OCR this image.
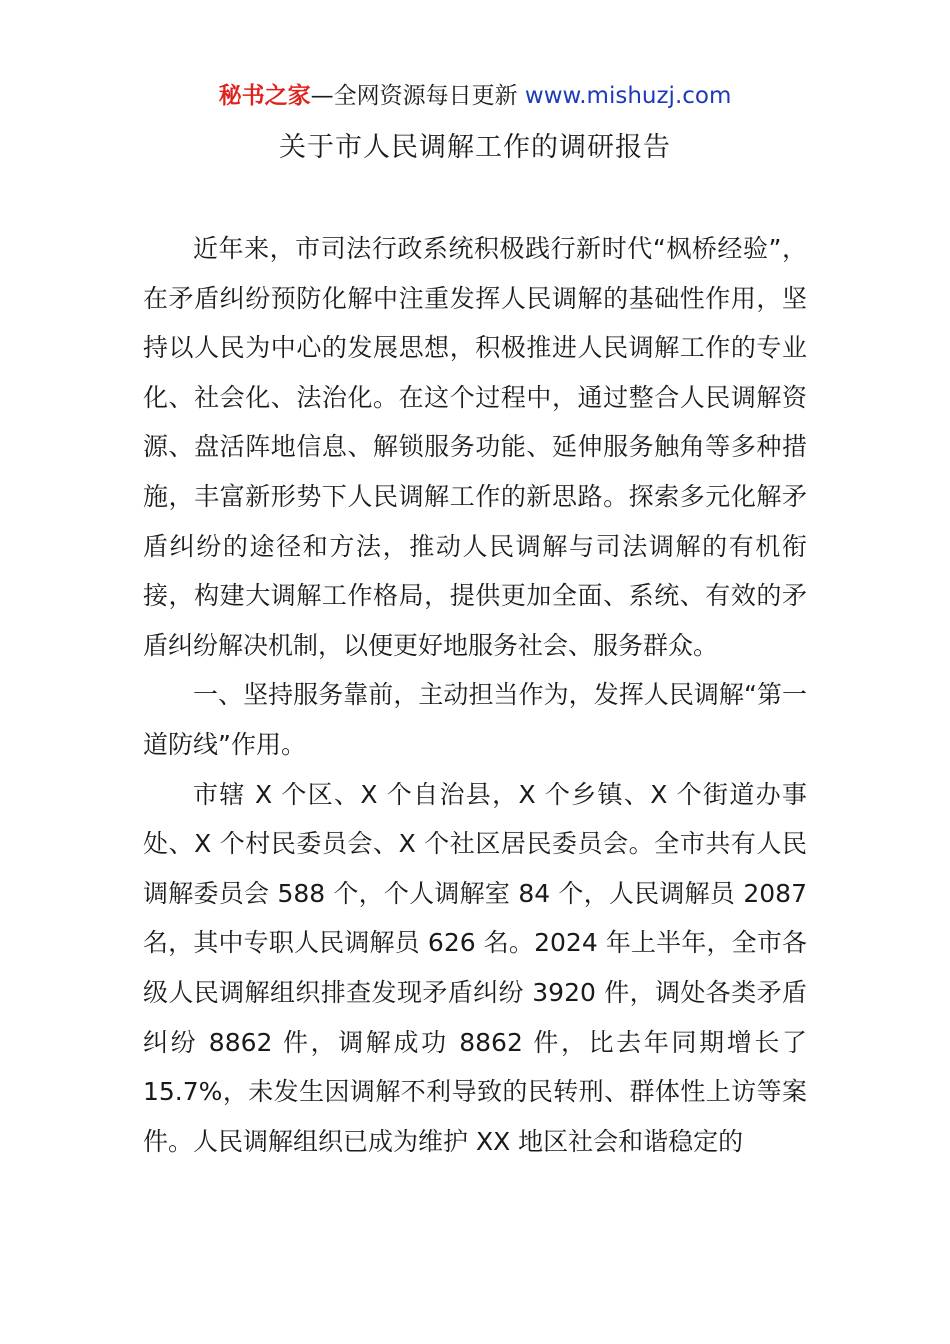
秘书之家—全网资源每日更新 www.mishuzj.com
关于市人民调解工作的调研报告

近年来，市司法行政系统积极践行新时代“枫桥经验”，在矛盾纠纷预防化解中注重发挥人民调解的基础性作用，坚持以人民为中心的发展思想，积极推进人民调解工作的专业化、社会化、法治化。在这个过程中，通过整合人民调解资源、盘活阵地信息、解锁服务功能、延伸服务触角等多种措施，丰富新形势下人民调解工作的新思路。探索多元化解矛盾纠纷的途径和方法，推动人民调解与司法调解的有机衔接，构建大调解工作格局，提供更加全面、系统、有效的矛盾纠纷解决机制，以便更好地服务社会、服务群众。

一、坚持服务靠前，主动担当作为，发挥人民调解“第一道防线”作用。

市辖 X 个区、X 个自治县，X 个乡镇、X 个街道办事处、X 个村民委员会、X 个社区居民委员会。全市共有人民调解委员会 588 个，个人调解室 84 个，人民调解员 2087 名，其中专职人民调解员 626 名。2024 年上半年，全市各级人民调解组织排查发现矛盾纠纷 3920 件，调处各类矛盾纠纷 8862 件，调解成功 8862 件，比去年同期增长了 15.7%，未发生因调解不利导致的民转刑、群体性上访等案件。人民调解组织已成为维护 XX 地区社会和谐稳定的
